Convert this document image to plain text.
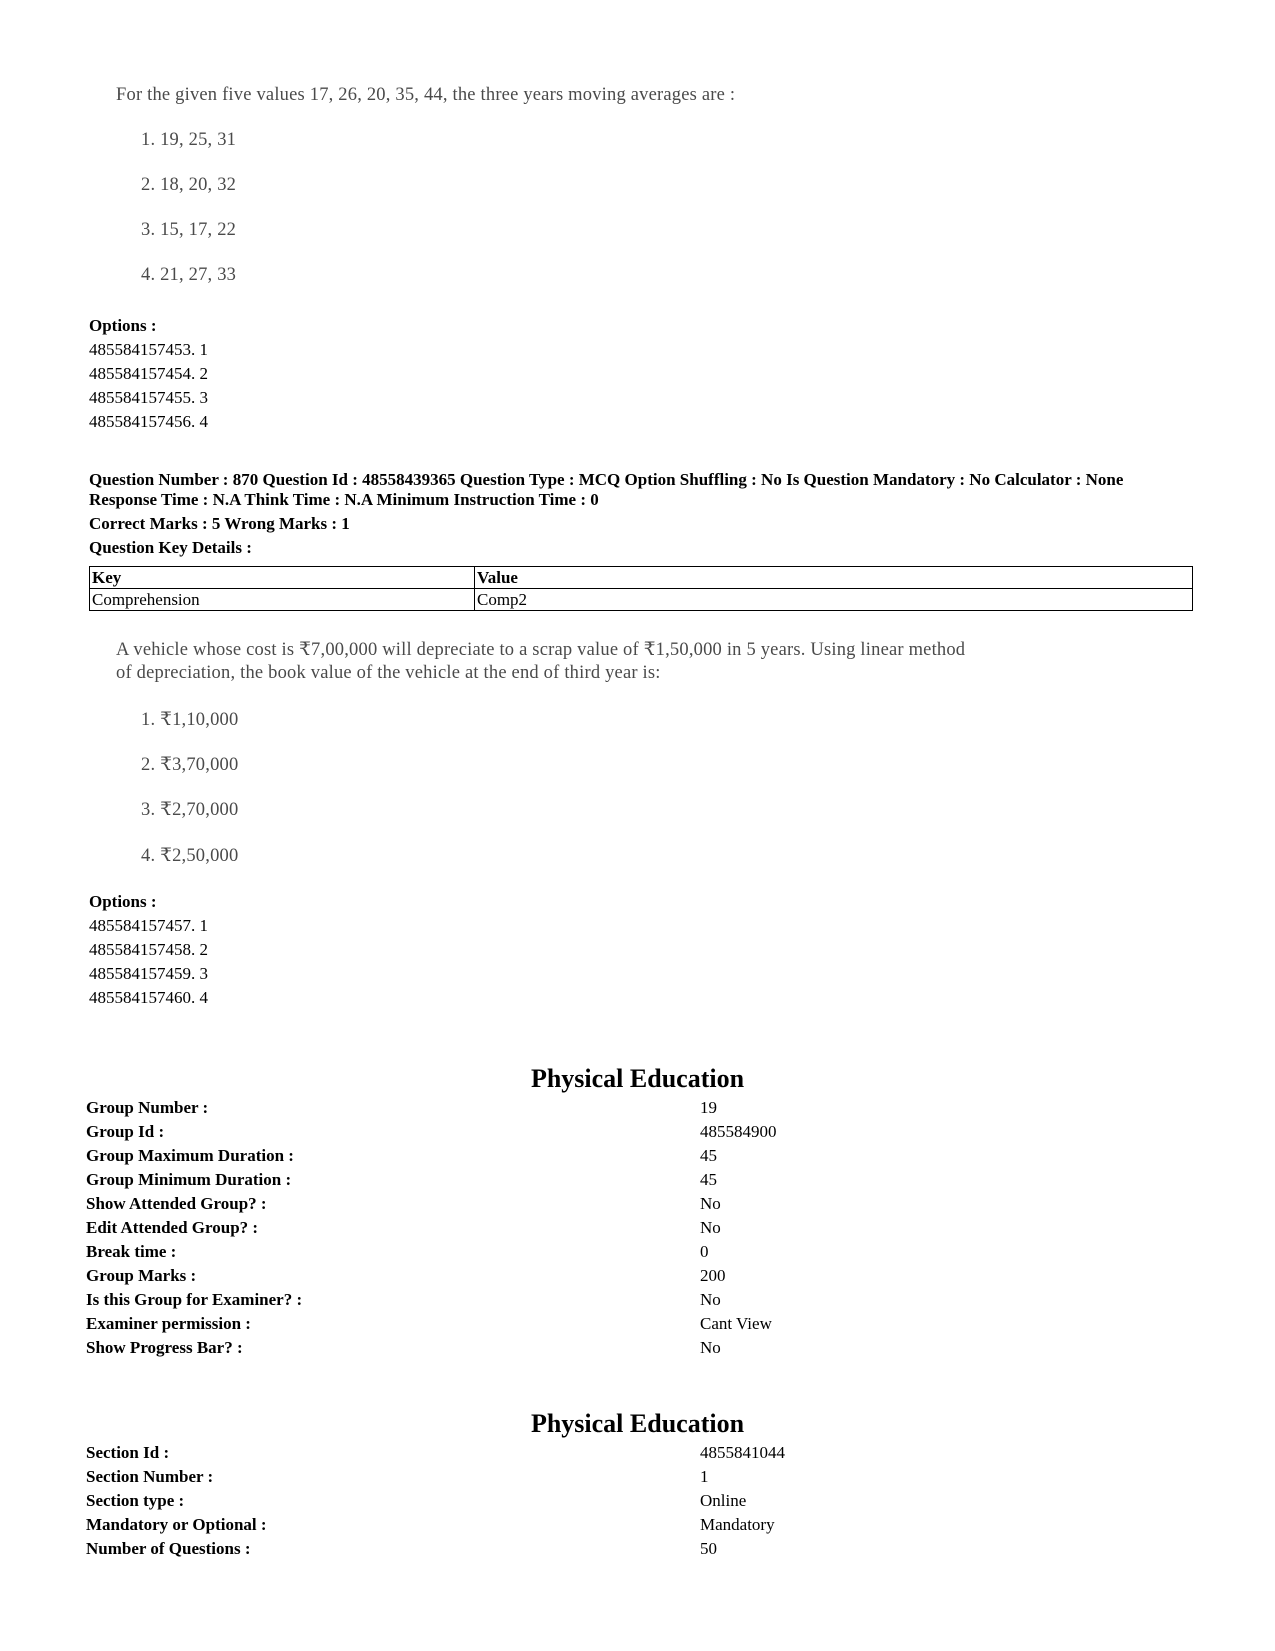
For the given five values 17, 26, 20, 35, 44, the three years moving averages are :
1. 19, 25, 31
2. 18, 20, 32
3. 15, 17, 22
4. 21, 27, 33
Options :
485584157453. 1
485584157454. 2
485584157455. 3
485584157456. 4
Question Number : 870 Question Id : 48558439365 Question Type : MCQ Option Shuffling : No Is Question Mandatory : No Calculator : None
Response Time : N.A Think Time : N.A Minimum Instruction Time : 0
Correct Marks : 5 Wrong Marks : 1
Question Key Details :
Key	Value
Comprehension	Comp2
A vehicle whose cost is ₹7,00,000 will depreciate to a scrap value of ₹1,50,000 in 5 years. Using linear method
of depreciation, the book value of the vehicle at the end of third year is:
1. ₹1,10,000
2. ₹3,70,000
3. ₹2,70,000
4. ₹2,50,000
Options :
485584157457. 1
485584157458. 2
485584157459. 3
485584157460. 4
Physical Education
Group Number :	19
Group Id :	485584900
Group Maximum Duration :	45
Group Minimum Duration :	45
Show Attended Group? :	No
Edit Attended Group? :	No
Break time :	0
Group Marks :	200
Is this Group for Examiner? :	No
Examiner permission :	Cant View
Show Progress Bar? :	No
Physical Education
Section Id :	4855841044
Section Number :	1
Section type :	Online
Mandatory or Optional :	Mandatory
Number of Questions :	50
